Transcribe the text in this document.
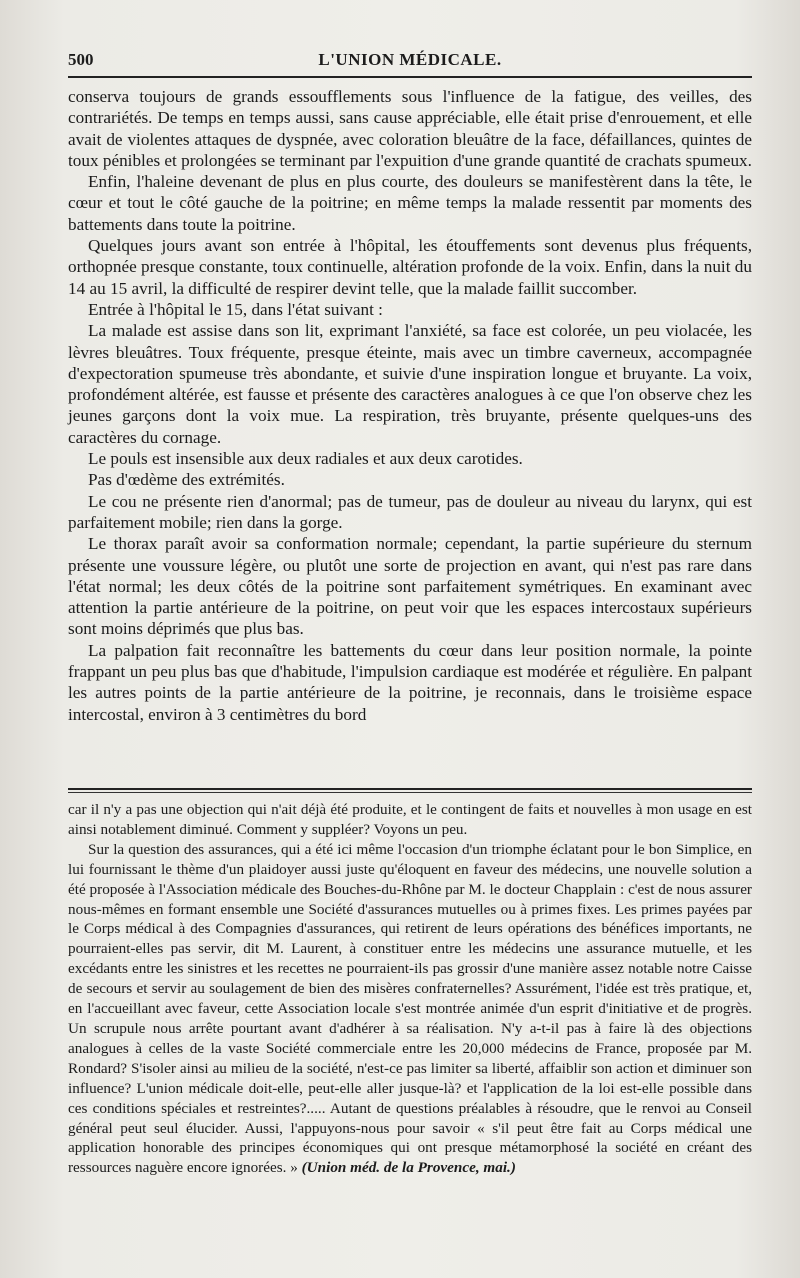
500	L'UNION MÉDICALE.

conserva toujours de grands essoufflements sous l'influence de la fatigue, des veilles, des contrariétés. De temps en temps aussi, sans cause appréciable, elle était prise d'enrouement, et elle avait de violentes attaques de dyspnée, avec coloration bleuâtre de la face, défaillances, quintes de toux pénibles et prolongées se terminant par l'expuition d'une grande quantité de crachats spumeux.

Enfin, l'haleine devenant de plus en plus courte, des douleurs se manifestèrent dans la tête, le cœur et tout le côté gauche de la poitrine; en même temps la malade ressentit par moments des battements dans toute la poitrine.

Quelques jours avant son entrée à l'hôpital, les étouffements sont devenus plus fréquents, orthopnée presque constante, toux continuelle, altération profonde de la voix. Enfin, dans la nuit du 14 au 15 avril, la difficulté de respirer devint telle, que la malade faillit succomber.

Entrée à l'hôpital le 15, dans l'état suivant :

La malade est assise dans son lit, exprimant l'anxiété, sa face est colorée, un peu violacée, les lèvres bleuâtres. Toux fréquente, presque éteinte, mais avec un timbre caverneux, accompagnée d'expectoration spumeuse très abondante, et suivie d'une inspiration longue et bruyante. La voix, profondément altérée, est fausse et présente des caractères analogues à ce que l'on observe chez les jeunes garçons dont la voix mue. La respiration, très bruyante, présente quelques-uns des caractères du cornage.

Le pouls est insensible aux deux radiales et aux deux carotides.

Pas d'œdème des extrémités.

Le cou ne présente rien d'anormal; pas de tumeur, pas de douleur au niveau du larynx, qui est parfaitement mobile; rien dans la gorge.

Le thorax paraît avoir sa conformation normale; cependant, la partie supérieure du sternum présente une voussure légère, ou plutôt une sorte de projection en avant, qui n'est pas rare dans l'état normal; les deux côtés de la poitrine sont parfaitement symétriques. En examinant avec attention la partie antérieure de la poitrine, on peut voir que les espaces intercostaux supérieurs sont moins déprimés que plus bas.

La palpation fait reconnaître les battements du cœur dans leur position normale, la pointe frappant un peu plus bas que d'habitude, l'impulsion cardiaque est modérée et régulière. En palpant les autres points de la partie antérieure de la poitrine, je reconnais, dans le troisième espace intercostal, environ à 3 centimètres du bord

car il n'y a pas une objection qui n'ait déjà été produite, et le contingent de faits et nouvelles à mon usage en est ainsi notablement diminué. Comment y suppléer? Voyons un peu.

Sur la question des assurances, qui a été ici même l'occasion d'un triomphe éclatant pour le bon Simplice, en lui fournissant le thème d'un plaidoyer aussi juste qu'éloquent en faveur des médecins, une nouvelle solution a été proposée à l'Association médicale des Bouches-du-Rhône par M. le docteur Chapplain : c'est de nous assurer nous-mêmes en formant ensemble une Société d'assurances mutuelles ou à primes fixes. Les primes payées par le Corps médical à des Compagnies d'assurances, qui retirent de leurs opérations des bénéfices importants, ne pourraient-elles pas servir, dit M. Laurent, à constituer entre les médecins une assurance mutuelle, et les excédants entre les sinistres et les recettes ne pourraient-ils pas grossir d'une manière assez notable notre Caisse de secours et servir au soulagement de bien des misères confraternelles? Assurément, l'idée est très pratique, et, en l'accueillant avec faveur, cette Association locale s'est montrée animée d'un esprit d'initiative et de progrès. Un scrupule nous arrête pourtant avant d'adhérer à sa réalisation. N'y a-t-il pas à faire là des objections analogues à celles de la vaste Société commerciale entre les 20,000 médecins de France, proposée par M. Rondard? S'isoler ainsi au milieu de la société, n'est-ce pas limiter sa liberté, affaiblir son action et diminuer son influence? L'union médicale doit-elle, peut-elle aller jusque-là? et l'application de la loi est-elle possible dans ces conditions spéciales et restreintes?..... Autant de questions préalables à résoudre, que le renvoi au Conseil général peut seul élucider. Aussi, l'appuyons-nous pour savoir « s'il peut être fait au Corps médical une application honorable des principes économiques qui ont presque métamorphosé la société en créant des ressources naguère encore ignorées. » (Union méd. de la Provence, mai.)
